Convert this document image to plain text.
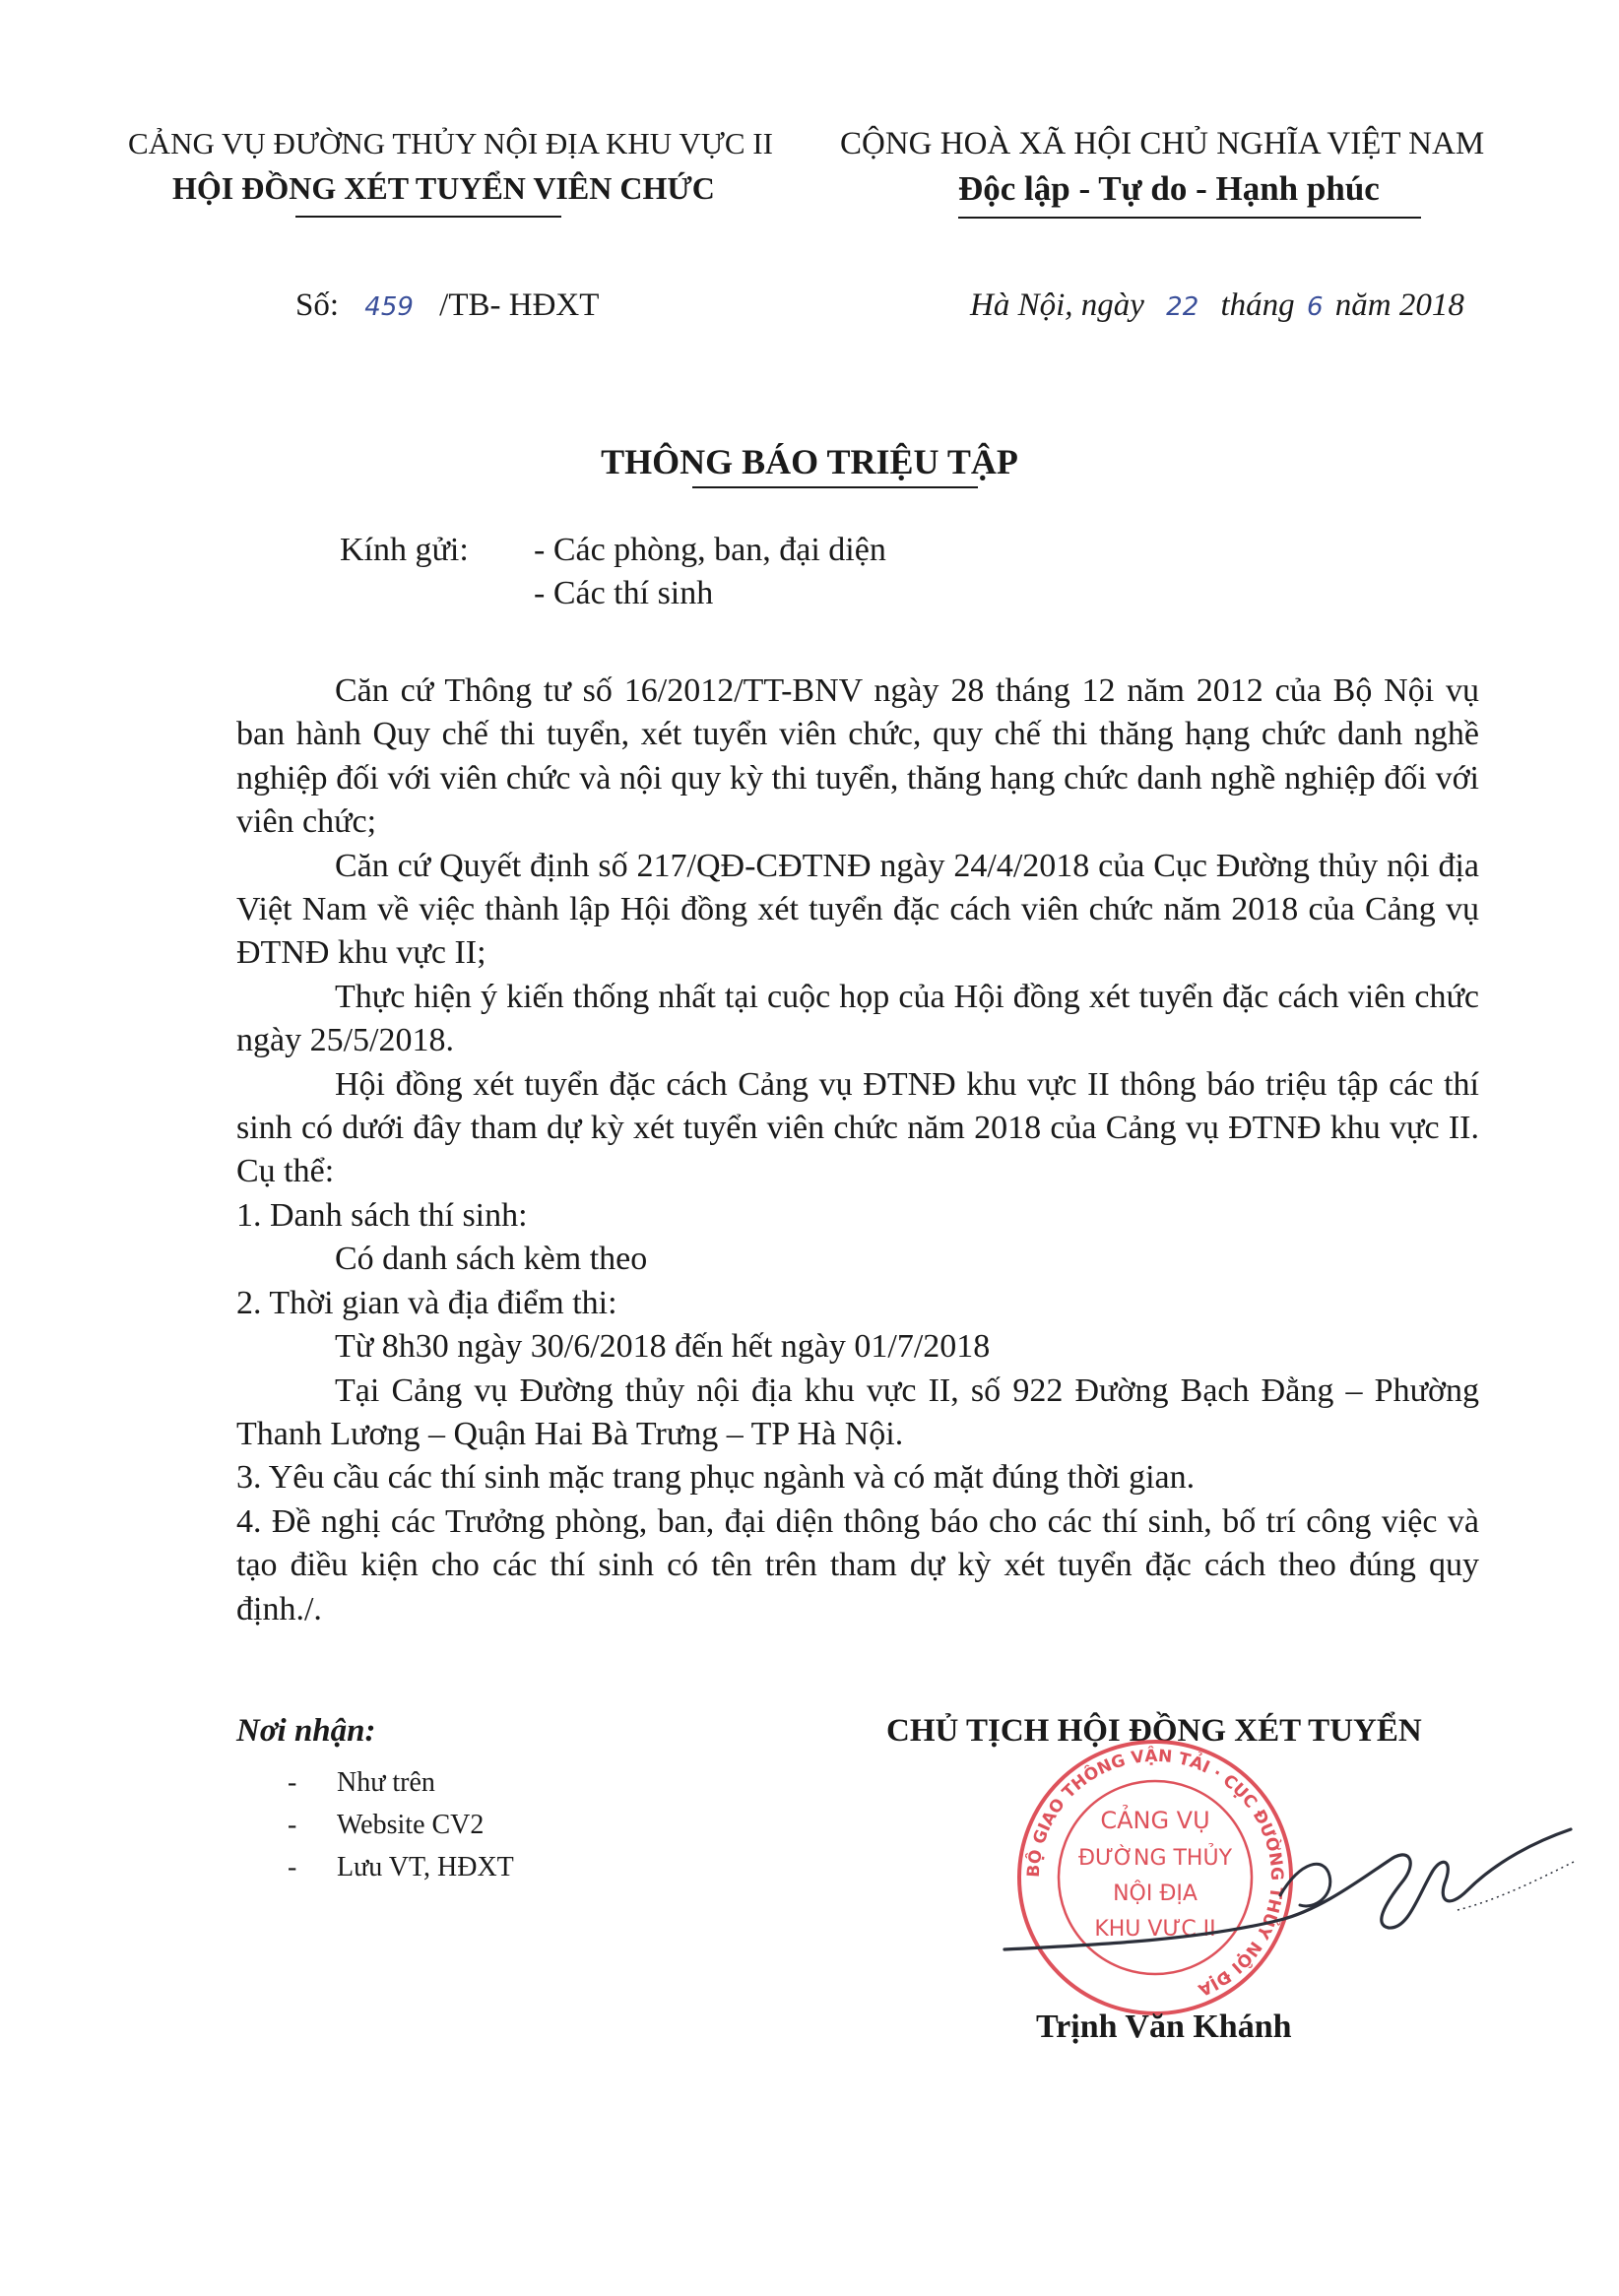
CẢNG VỤ ĐƯỜNG THỦY NỘI ĐỊA KHU VỰC II
HỘI ĐỒNG XÉT TUYỂN VIÊN CHỨC
CỘNG HOÀ XÃ HỘI CHỦ NGHĨA VIỆT NAM
Độc lập - Tự do - Hạnh phúc
Số: 459 /TB- HĐXT	Hà Nội, ngày 22 tháng 6 năm 2018
THÔNG BÁO TRIỆU TẬP
Kính gửi: - Các phòng, ban, đại diện
- Các thí sinh

Căn cứ Thông tư số 16/2012/TT-BNV ngày 28 tháng 12 năm 2012 của Bộ Nội vụ ban hành Quy chế thi tuyển, xét tuyển viên chức, quy chế thi thăng hạng chức danh nghề nghiệp đối với viên chức và nội quy kỳ thi tuyển, thăng hạng chức danh nghề nghiệp đối với viên chức;

Căn cứ Quyết định số 217/QĐ-CĐTNĐ ngày 24/4/2018 của Cục Đường thủy nội địa Việt Nam về việc thành lập Hội đồng xét tuyển đặc cách viên chức năm 2018 của Cảng vụ ĐTNĐ khu vực II;

Thực hiện ý kiến thống nhất tại cuộc họp của Hội đồng xét tuyển đặc cách viên chức ngày 25/5/2018.

Hội đồng xét tuyển đặc cách Cảng vụ ĐTNĐ khu vực II thông báo triệu tập các thí sinh có dưới đây tham dự kỳ xét tuyển viên chức năm 2018 của Cảng vụ ĐTNĐ khu vực II. Cụ thể:

1. Danh sách thí sinh:

Có danh sách kèm theo

2. Thời gian và địa điểm thi:

Từ 8h30 ngày 30/6/2018 đến hết ngày 01/7/2018

Tại Cảng vụ Đường thủy nội địa khu vực II, số 922 Đường Bạch Đằng – Phường Thanh Lương – Quận Hai Bà Trưng – TP Hà Nội.

3. Yêu cầu các thí sinh mặc trang phục ngành và có mặt đúng thời gian.

4. Đề nghị các Trưởng phòng, ban, đại diện thông báo cho các thí sinh, bố trí công việc và tạo điều kiện cho các thí sinh có tên trên tham dự kỳ xét tuyển đặc cách theo đúng quy định./.

Nơi nhận:
- Như trên
- Website CV2
- Lưu VT, HĐXT
CHỦ TỊCH HỘI ĐỒNG XÉT TUYỂN
BỘ GIAO THÔNG VẬN TẢI · CỤC ĐƯỜNG THỦY NỘI ĐỊA
CẢNG VỤ
ĐƯỜNG THỦY
NỘI ĐỊA
KHU VỰC II
Trịnh Văn Khánh
